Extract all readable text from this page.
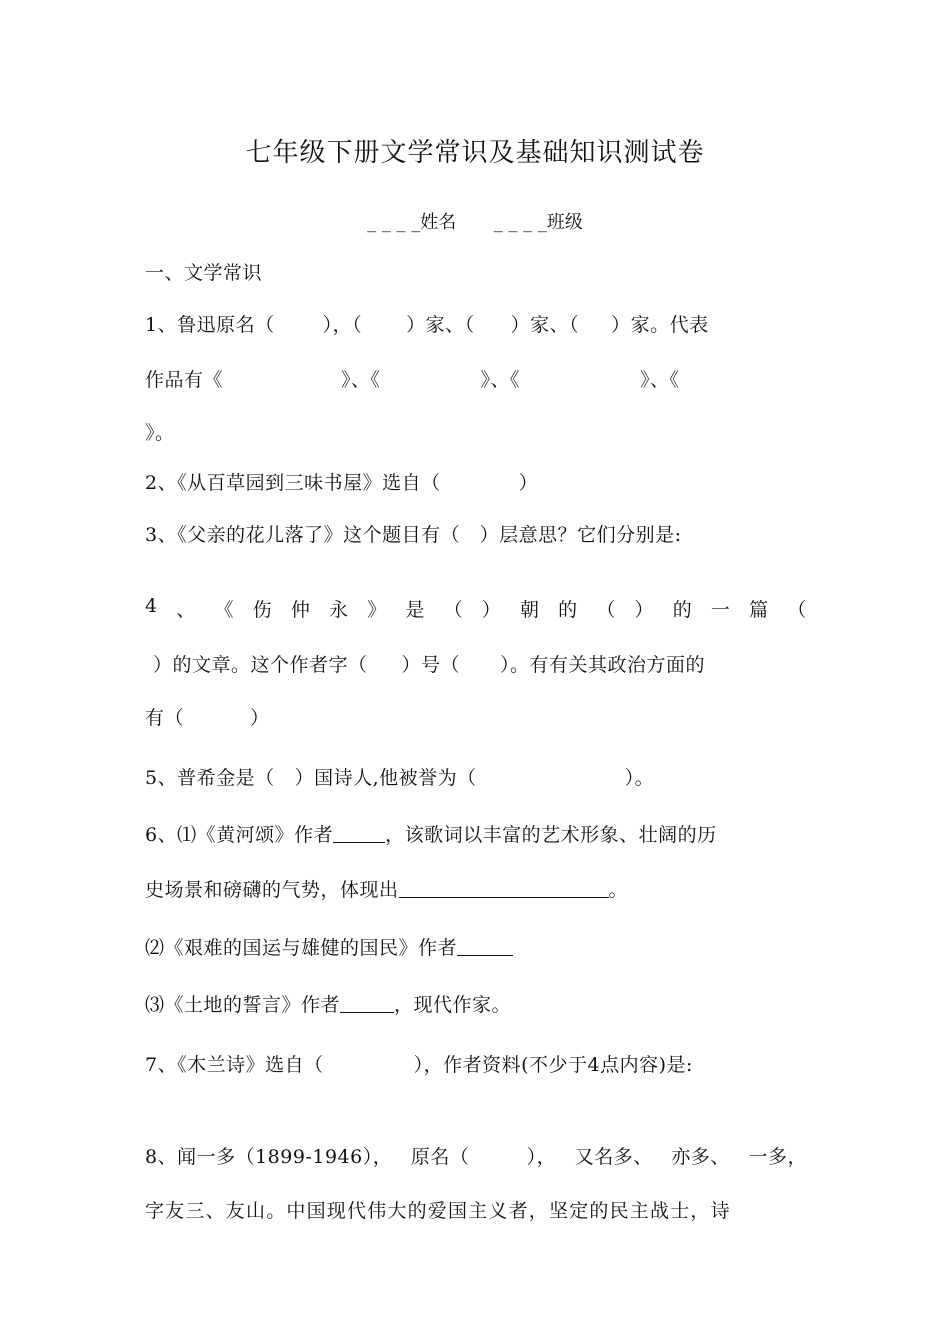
七年级下册文学常识及基础知识测试卷
_ _ _ _姓名 _ _ _ _班级
一、文学常识
1、鲁迅原名（	），（ ）家、（ ）家、（ ）家。代表
作品有《	》、《	》、《	》、《
》。
2、《从百草园到三味书屋》选自（	）
3、《父亲的花儿落了》这个题目有（　）层意思？它们分别是:
4 、 《 伤 仲 永 》 是 （ ） 朝 的 （ ） 的 一 篇 （
）的文章。这个作者字（ ）号（ ）。有有关其政治方面的
有（	）
5、普希金是（ ）国诗人,他被誉为（	）。
6、⑴《黄河颂》作者	，该歌词以丰富的艺术形象、壮阔的历
史场景和磅礴的气势，体现出	。
⑵《艰难的国运与雄健的国民》作者
⑶《土地的誓言》作者	，现代作家。
7、《木兰诗》选自（	），作者资料(不少于4点内容)是:
8、闻一多（1899-1946）， 原名（	）， 又名多、 亦多、 一多，
字友三、友山。中国现代伟大的爱国主义者，坚定的民主战士，诗
